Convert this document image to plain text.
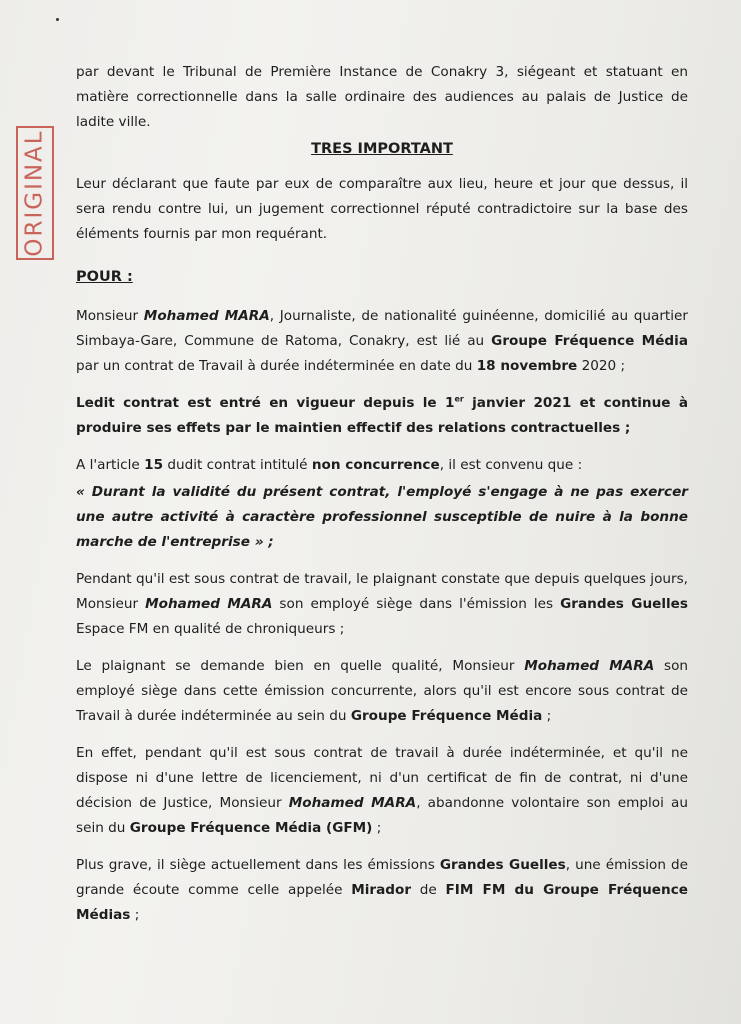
ORIGINAL

par devant le Tribunal de Première Instance de Conakry 3, siégeant et statuant en matière correctionnelle dans la salle ordinaire des audiences au palais de Justice de ladite ville.

TRES IMPORTANT

Leur déclarant que faute par eux de comparaître aux lieu, heure et jour que dessus, il sera rendu contre lui, un jugement correctionnel réputé contradictoire sur la base des éléments fournis par mon requérant.

POUR :

Monsieur Mohamed MARA, Journaliste, de nationalité guinéenne, domicilié au quartier Simbaya-Gare, Commune de Ratoma, Conakry, est lié au Groupe Fréquence Média par un contrat de Travail à durée indéterminée en date du 18 novembre 2020 ;

Ledit contrat est entré en vigueur depuis le 1er janvier 2021 et continue à produire ses effets par le maintien effectif des relations contractuelles ;

A l'article 15 dudit contrat intitulé non concurrence, il est convenu que :

« Durant la validité du présent contrat, l'employé s'engage à ne pas exercer une autre activité à caractère professionnel susceptible de nuire à la bonne marche de l'entreprise » ;

Pendant qu'il est sous contrat de travail, le plaignant constate que depuis quelques jours, Monsieur Mohamed MARA son employé siège dans l'émission les Grandes Guelles Espace FM en qualité de chroniqueurs ;

Le plaignant se demande bien en quelle qualité, Monsieur Mohamed MARA son employé siège dans cette émission concurrente, alors qu'il est encore sous contrat de Travail à durée indéterminée au sein du Groupe Fréquence Média ;

En effet, pendant qu'il est sous contrat de travail à durée indéterminée, et qu'il ne dispose ni d'une lettre de licenciement, ni d'un certificat de fin de contrat, ni d'une décision de Justice, Monsieur Mohamed MARA, abandonne volontaire son emploi au sein du Groupe Fréquence Média (GFM) ;

Plus grave, il siège actuellement dans les émissions Grandes Guelles, une émission de grande écoute comme celle appelée Mirador de FIM FM du Groupe Fréquence Médias ;
